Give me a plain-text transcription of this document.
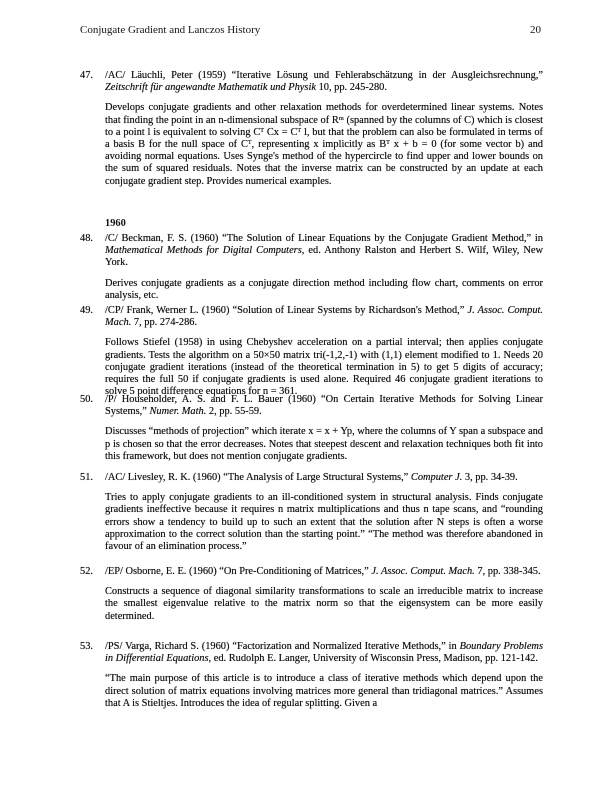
Conjugate Gradient and Lanczos History	20
47. /AC/ Läuchli, Peter (1959) “Iterative Lösung und Fehlerabschätzung in der Ausgleichsrechnung,” Zeitschrift für angewandte Mathematik und Physik 10, pp. 245-280.
Develops conjugate gradients and other relaxation methods for overdetermined linear systems. Notes that finding the point in an n-dimensional subspace of Rᵐ (spanned by the columns of C) which is closest to a point l is equivalent to solving Cᵀ Cx = Cᵀ l, but that the problem can also be formulated in terms of a basis B for the null space of Cᵀ, representing x implicitly as Bᵀ x + b = 0 (for some vector b) and avoiding normal equations. Uses Synge's method of the hypercircle to find upper and lower bounds on the sum of squared residuals. Notes that the inverse matrix can be constructed by an update at each conjugate gradient step. Provides numerical examples.
1960
48. /C/ Beckman, F. S. (1960) “The Solution of Linear Equations by the Conjugate Gradient Method,” in Mathematical Methods for Digital Computers, ed. Anthony Ralston and Herbert S. Wilf, Wiley, New York.
Derives conjugate gradients as a conjugate direction method including flow chart, comments on error analysis, etc.
49. /CP/ Frank, Werner L. (1960) “Solution of Linear Systems by Richardson's Method,” J. Assoc. Comput. Mach. 7, pp. 274-286.
Follows Stiefel (1958) in using Chebyshev acceleration on a partial interval; then applies conjugate gradients. Tests the algorithm on a 50×50 matrix tri(-1,2,-1) with (1,1) element modified to 1. Needs 20 conjugate gradient iterations (instead of the theoretical termination in 5) to get 5 digits of accuracy; requires the full 50 if conjugate gradients is used alone. Required 46 conjugate gradient iterations to solve 5 point difference equations for n = 361.
50. /P/ Householder, A. S. and F. L. Bauer (1960) “On Certain Iterative Methods for Solving Linear Systems,” Numer. Math. 2, pp. 55-59.
Discusses “methods of projection” which iterate x = x + Yp, where the columns of Y span a subspace and p is chosen so that the error decreases. Notes that steepest descent and relaxation techniques both fit into this framework, but does not mention conjugate gradients.
51. /AC/ Livesley, R. K. (1960) “The Analysis of Large Structural Systems,” Computer J. 3, pp. 34-39.
Tries to apply conjugate gradients to an ill-conditioned system in structural analysis. Finds conjugate gradients ineffective because it requires n matrix multiplications and thus n tape scans, and “rounding errors show a tendency to build up to such an extent that the solution after N steps is often a worse approximation to the correct solution than the starting point.” “The method was therefore abandoned in favour of an elimination process.”
52. /EP/ Osborne, E. E. (1960) “On Pre-Conditioning of Matrices,” J. Assoc. Comput. Mach. 7, pp. 338-345.
Constructs a sequence of diagonal similarity transformations to scale an irreducible matrix to increase the smallest eigenvalue relative to the matrix norm so that the eigensystem can be more easily determined.
53. /PS/ Varga, Richard S. (1960) “Factorization and Normalized Iterative Methods,” in Boundary Problems in Differential Equations, ed. Rudolph E. Langer, University of Wisconsin Press, Madison, pp. 121-142.
“The main purpose of this article is to introduce a class of iterative methods which depend upon the direct solution of matrix equations involving matrices more general than tridiagonal matrices.” Assumes that A is Stieltjes. Introduces the idea of regular splitting. Given a
